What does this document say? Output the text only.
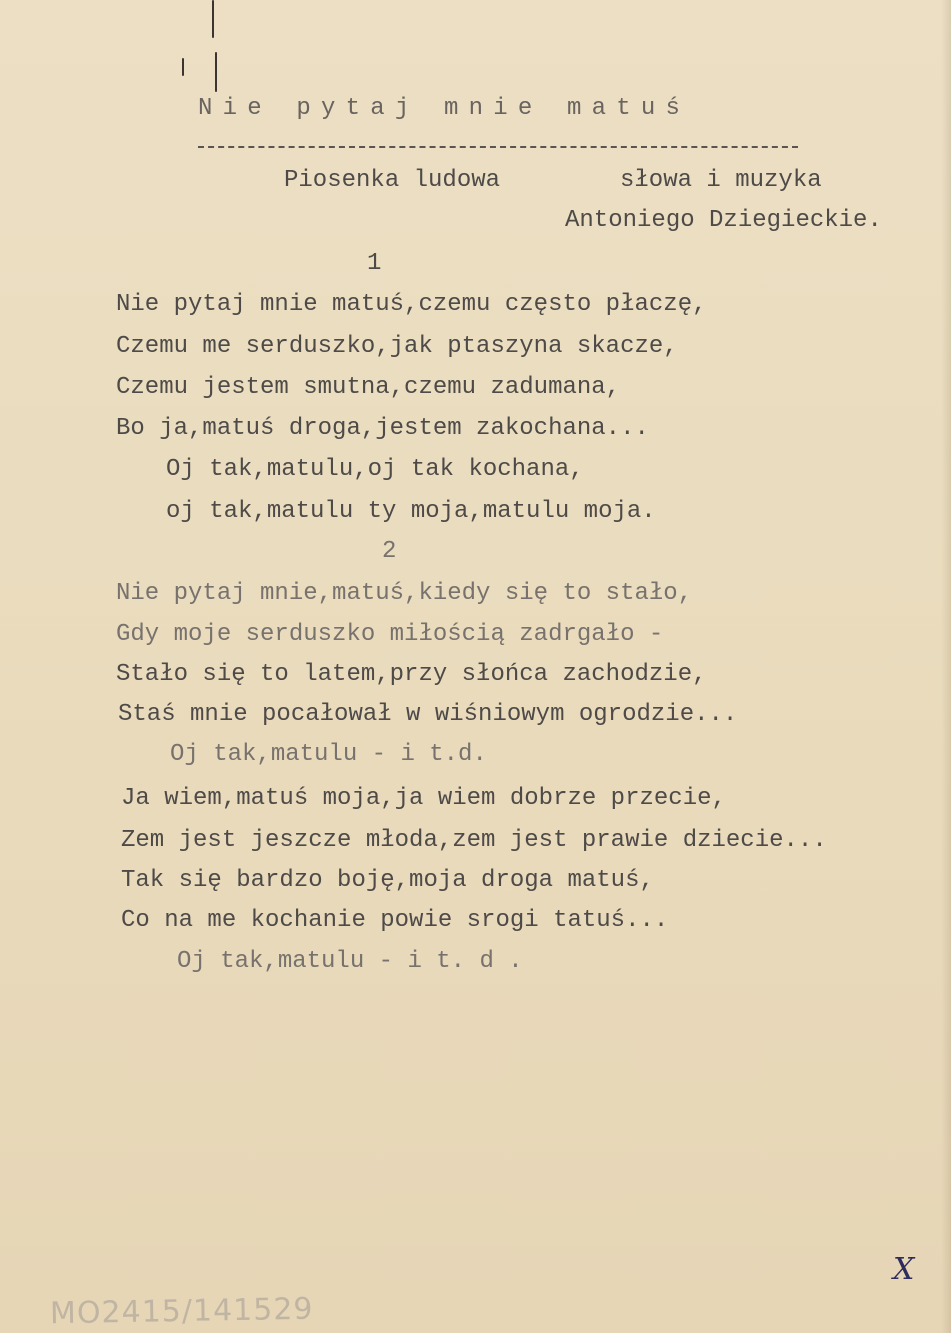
Nie pytaj mnie matuś
Piosenka ludowa	słowa i muzyka
Antoniego Dziegieckie.
1
Nie pytaj mnie matuś,czemu często płaczę,
Czemu me serduszko,jak ptaszyna skacze,
Czemu jestem smutna,czemu zadumana,
Bo ja,matuś droga,jestem zakochana...
Oj tak,matulu,oj tak kochana,
oj tak,matulu ty moja,matulu moja.
2
Nie pytaj mnie,matuś,kiedy się to stało,
Gdy moje serduszko miłością zadrgało -
Stało się to latem,przy słońca zachodzie,
Staś mnie pocałował w wiśniowym ogrodzie...
Oj tak,matulu - i t.d.
Ja wiem,matuś moja,ja wiem dobrze przecie,
Zem jest jeszcze młoda,zem jest prawie dziecie...
Tak się bardzo boję,moja droga matuś,
Co na me kochanie powie srogi tatuś...
Oj tak,matulu - i t. d .
X
MO2415/141529
